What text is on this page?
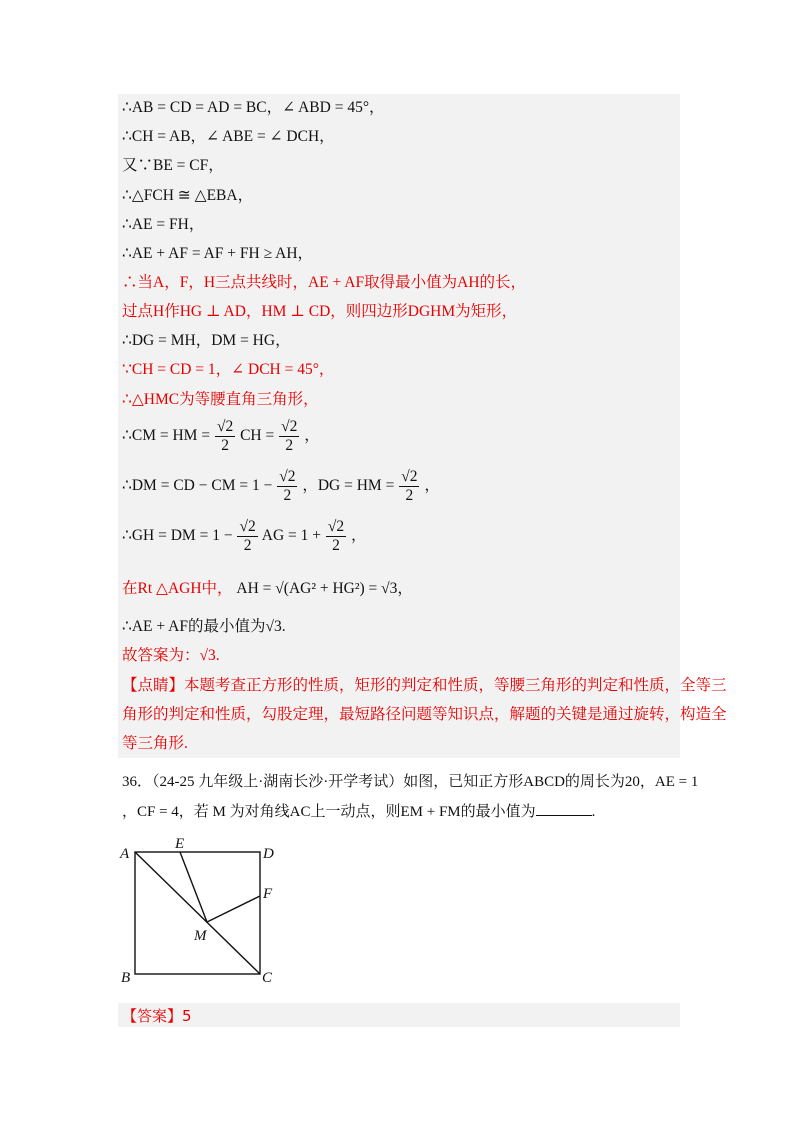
∴AB = CD = AD = BC，∠ ABD = 45°，
∴CH = AB，∠ ABE = ∠ DCH，
又∵BE = CF，
∴△FCH ≅ △EBA，
∴AE = FH，
∴AE + AF = AF + FH ≥ AH，
∴当A，F，H三点共线时，AE + AF取得最小值为AH的长，
过点H作HG ⊥ AD，HM ⊥ CD，则四边形DGHM为矩形，
∴DG = MH，DM = HG，
∵CH = CD = 1，∠ DCH = 45°，
∴△HMC为等腰直角三角形，
∴CM = HM = $\frac{√2}{2}$ CH = $\frac{√2}{2}$ ，
∴DM = CD − CM = $1 - \frac{√2}{2}$ ，DG = HM = $\frac{√2}{2}$ ，
∴GH = DM = $1 - \frac{√2}{2}$ AG = $1 + \frac{√2}{2}$ ，
在Rt △AGH中， AH = √(AG² + HG²) = √3，
∴AE + AF的最小值为√3.
故答案为：√3.
【点睛】本题考查正方形的性质，矩形的判定和性质，等腰三角形的判定和性质，全等三
角形的判定和性质，勾股定理，最短路径问题等知识点，解题的关键是通过旋转，构造全
等三角形.
36．（24-25 九年级上·湖南长沙·开学考试）如图，已知正方形ABCD的周长为20，AE = 1
，CF = 4，若 M 为对角线AC上一动点，则EM + FM的最小值为	.
A
E
D
F
M
B	C
【答案】5
